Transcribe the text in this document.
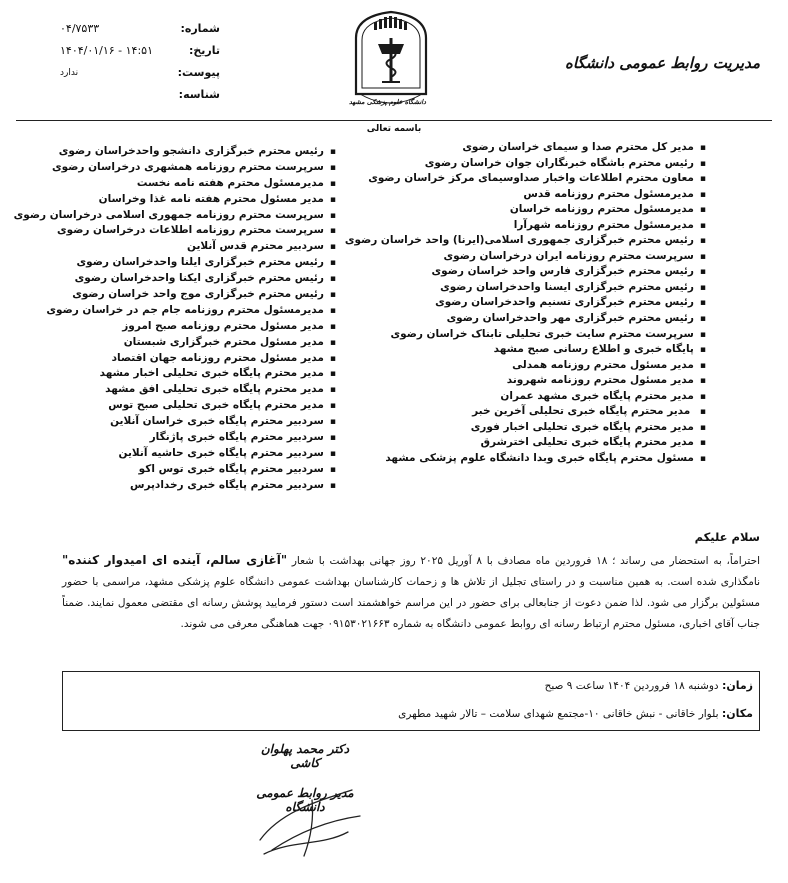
شماره:
۰۴/۷۵۳۳
تاریخ:
۱۴۰۴/۰۱/۱۶ - ۱۴:۵۱
پیوست:
ندارد
شناسه:
دانشگاه علوم پزشکی مشهد
مدیریت روابط عمومی دانشگاه
باسمه تعالی
▪ مدیر کل محترم صدا و سیمای خراسان رضوی
▪ رئیس محترم باشگاه خبرنگاران جوان خراسان رضوی
▪ معاون محترم اطلاعات واخبار صداوسیمای مرکز خراسان رضوی
▪ مدیرمسئول محترم روزنامه قدس
▪ مدیرمسئول محترم روزنامه خراسان
▪ مدیرمسئول محترم روزنامه شهرآرا
▪ رئیس محترم خبرگزاری جمهوری اسلامی(ایرنا) واحد خراسان رضوی
▪ سرپرست محترم روزنامه ایران درخراسان رضوی
▪ رئیس محترم خبرگزاری فارس واحد خراسان رضوی
▪ رئیس محترم خبرگزاری ایسنا واحدخراسان رضوی
▪ رئیس محترم خبرگزاری تسنیم واحدخراسان رضوی
▪ رئیس محترم خبرگزاری مهر واحدخراسان رضوی
▪ سرپرست محترم سایت خبری تحلیلی تابناک خراسان رضوی
▪ پایگاه خبری و اطلاع رسانی صبح مشهد
▪ مدیر مسئول محترم روزنامه همدلی
▪ مدیر مسئول محترم روزنامه شهروند
▪ مدیر محترم پایگاه خبری مشهد عمران
▪ مدیر محترم پایگاه خبری تحلیلی آخرین خبر
▪ مدیر محترم پایگاه خبری تحلیلی اخبار فوری
▪ مدیر محترم پایگاه خبری تحلیلی اخترشرق
▪ مسئول محترم پایگاه خبری وبدا دانشگاه علوم پزشکی مشهد
▪ رئیس محترم خبرگزاری دانشجو واحدخراسان رضوی
▪ سرپرست محترم روزنامه همشهری درخراسان رضوی
▪ مدیرمسئول محترم هفته نامه نخست
▪ مدیر مسئول محترم هفته نامه غذا وخراسان
▪ سرپرست محترم روزنامه جمهوری اسلامی درخراسان رضوی
▪ سرپرست محترم روزنامه اطلاعات درخراسان رضوی
▪ سردبیر محترم قدس آنلاین
▪ رئیس محترم خبرگزاری ایلنا واحدخراسان رضوی
▪ رئیس محترم خبرگزاری ایکنا واحدخراسان رضوی
▪ رئیس محترم خبرگزاری موج واحد خراسان رضوی
▪ مدیرمسئول محترم روزنامه جام جم در خراسان رضوی
▪ مدیر مسئول محترم روزنامه صبح امروز
▪ مدیر مسئول محترم خبرگزاری شبستان
▪ مدیر مسئول محترم روزنامه جهان اقتصاد
▪ مدیر محترم پایگاه خبری تحلیلی اخبار مشهد
▪ مدیر محترم پایگاه خبری تحلیلی افق مشهد
▪ مدیر محترم پایگاه خبری تحلیلی صبح توس
▪ سردبیر محترم پایگاه خبری خراسان آنلاین
▪ سردبیر محترم پایگاه خبری پاژنگار
▪ سردبیر محترم پایگاه خبری حاشیه آنلاین
▪ سردبیر محترم پایگاه خبری توس اکو
▪ سردبیر محترم پایگاه خبری رخدادپرس
سلام علیکم
احتراماً، به استحضار می رساند ؛ ۱۸ فروردین ماه مصادف با ۸ آوریل ۲۰۲۵ روز جهانی بهداشت با شعار "آغازی سالم، آینده ای امیدوار کننده" نامگذاری شده است. به همین مناسبت و در راستای تجلیل از تلاش ها و زحمات کارشناسان بهداشت عمومی دانشگاه علوم پزشکی مشهد، مراسمی با حضور مسئولین برگزار می شود. لذا ضمن دعوت از جنابعالی برای حضور در این مراسم خواهشمند است دستور فرمایید پوشش رسانه ای مقتضی معمول نمایند. ضمناً جناب آقای اخباری، مسئول محترم ارتباط رسانه ای روابط عمومی دانشگاه به شماره ۰۹۱۵۳۰۲۱۶۶۳ جهت هماهنگی معرفی می شوند.
زمان: دوشنبه ۱۸ فروردین ۱۴۰۴ ساعت ۹ صبح
مکان: بلوار خاقانی - نبش خاقانی ۱۰-مجتمع شهدای سلامت – تالار شهید مطهری
دکتر محمد پهلوان کاشی
مدیر روابط عمومی دانشگاه
